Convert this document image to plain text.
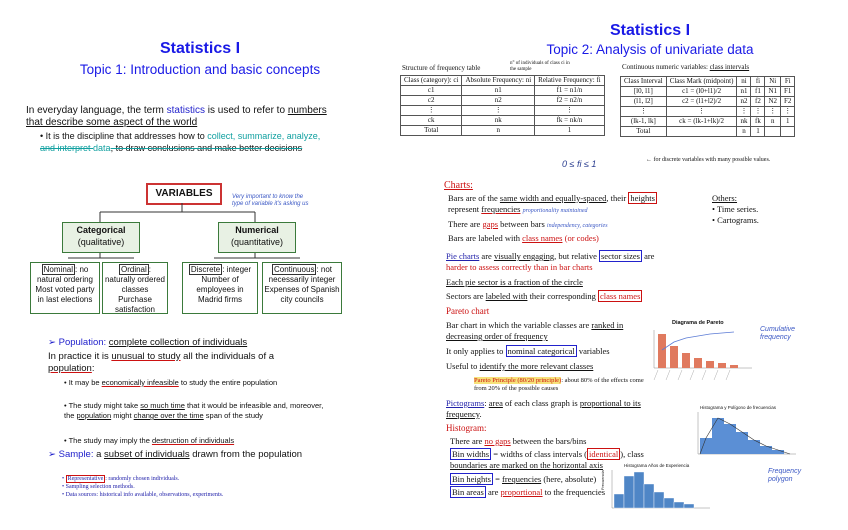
Statistics I
Topic 1: Introduction and basic concepts
In everyday language, the term statistics is used to refer to numbers
that describe some aspect of the world
• It is the discipline that addresses how to collect, summarize, analyze,
and interpret data, to draw conclusions and make better decisions
VARIABLES	Very important to know the type of variable it's asking us
Categorical
(qualitative)
Numerical
(quantitative)
Nominal : no natural ordering
Most voted party in last elections
Ordinal : naturally ordered classes
Purchase satisfaction
Discrete : integer
Number of employees in Madrid firms
Continuous : not necessarily integer
Expenses of Spanish city councils
➢ Population: complete collection of individuals
In practice it is unusual to study all the individuals of a
population:
• It may be economically infeasible to study the entire population
• The study might take so much time that it would be infeasible and, moreover, the population might change over the time span of the study
• The study may imply the destruction of individuals
➢ Sample: a subset of individuals drawn from the population
• Representative : randomly chosen individuals.
• Sampling selection methods.
• Data sources: historical info available, observations, experiments.
Statistics I
Topic 2: Analysis of univariate data
Structure of frequency table
n° of individuals of class ci in the sample
Class (category): ci	Absolute Frequency: ni	Relative Frequency: fi
c1	n1	f1 = n1/n
c2	n2	f2 = n2/n
⋮	⋮	⋮
ck	nk	fk = nk/n
Total	n	1
0 ≤ fi ≤ 1
Continuous numeric variables: class intervals
Class Interval	Class Mark (midpoint)	ni	fi	Ni	Fi
[l0, l1]	c1 = (l0+l1)/2	n1	f1	N1	F1
(l1, l2]	c2 = (l1+l2)/2	n2	f2	N2	F2
⋮	⋮	⋮	⋮	⋮	⋮
(lk-1, lk]	ck = (lk-1+lk)/2	nk	fk	n	1
Total		n	1		
← for discrete variables with many possible values.
Charts:
Bars are of the same width and equally-spaced, their heights
represent frequencies proportionality maintained
There are gaps between bars independency, categories
Bars are labeled with class names (or codes)
Others:
• Time series.
• Cartograms.
Pie charts are visually engaging, but relative sector sizes are
harder to assess correctly than in bar charts
Each pie sector is a fraction of the circle
Sectors are labeled with their corresponding class names
Pareto chart
Bar chart in which the variable classes are ranked in
decreasing order of frequency
It only applies to nominal categorical variables
Useful to identify the more relevant classes
Pareto Principle (80/20 principle): about 80% of the effects come from 20% of the possible causes
Diagrama de Pareto
Cumulative frequency
Pictograms: area of each class graph is proportional to its
frequency.
Histogram:
There are no gaps between the bars/bins
Bin widths = widths of class intervals ( identical ), class
boundaries are marked on the horizontal axis
Bin heights = frequencies (here, absolute)
Bin areas are proportional to the frequencies
Histograma y Polígono de frecuencias
Frequency polygon
Histograma Años de Experiencia
Frecuencia
